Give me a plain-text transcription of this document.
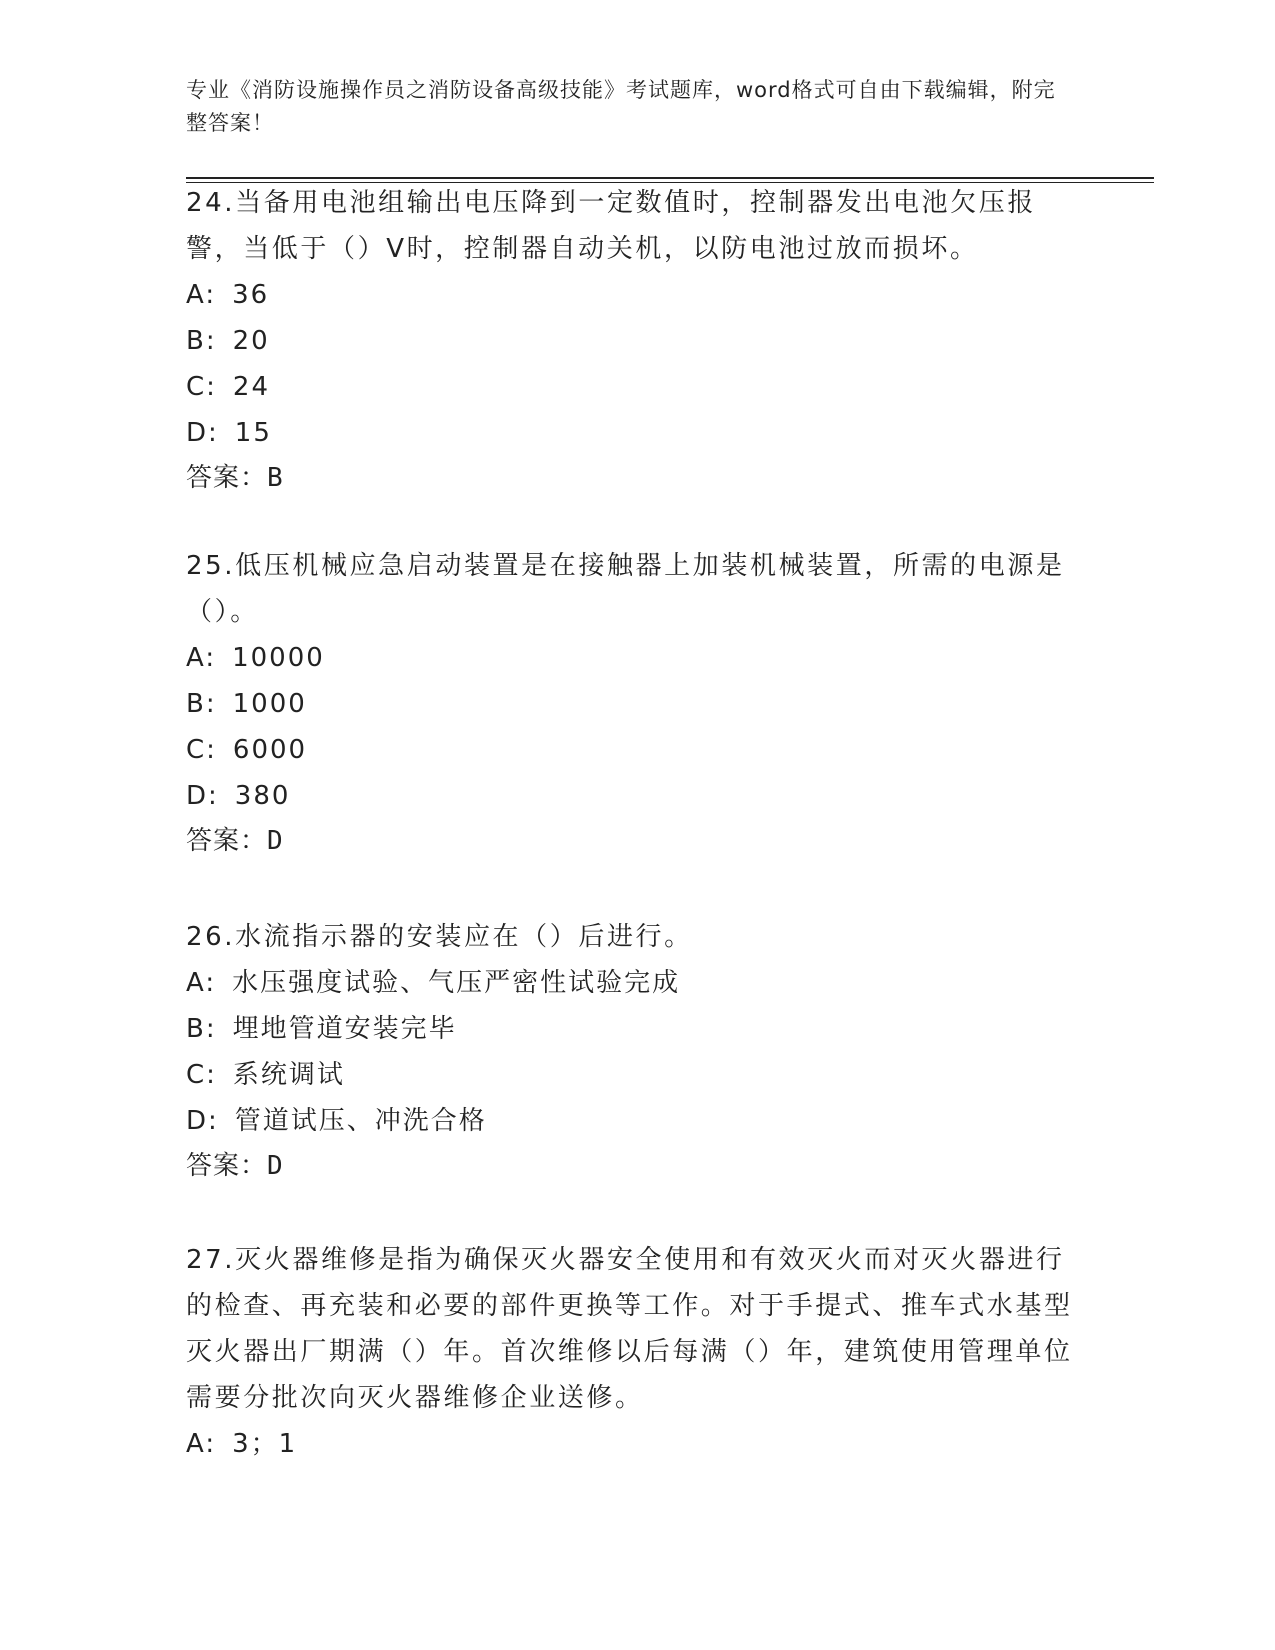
专业《消防设施操作员之消防设备高级技能》考试题库，word格式可自由下载编辑，附完整答案！

24.当备用电池组输出电压降到一定数值时，控制器发出电池欠压报警，当低于（）V时，控制器自动关机，以防电池过放而损坏。

A: 36

B: 20

C: 24

D: 15

答案：B

25.低压机械应急启动装置是在接触器上加装机械装置，所需的电源是（）。

A: 10000

B: 1000

C: 6000

D: 380

答案：D

26.水流指示器的安装应在（）后进行。

A: 水压强度试验、气压严密性试验完成

B: 埋地管道安装完毕

C: 系统调试

D: 管道试压、冲洗合格

答案：D

27.灭火器维修是指为确保灭火器安全使用和有效灭火而对灭火器进行的检查、再充装和必要的部件更换等工作。对于手提式、推车式水基型灭火器出厂期满（）年。首次维修以后每满（）年，建筑使用管理单位需要分批次向灭火器维修企业送修。

A: 3；1
